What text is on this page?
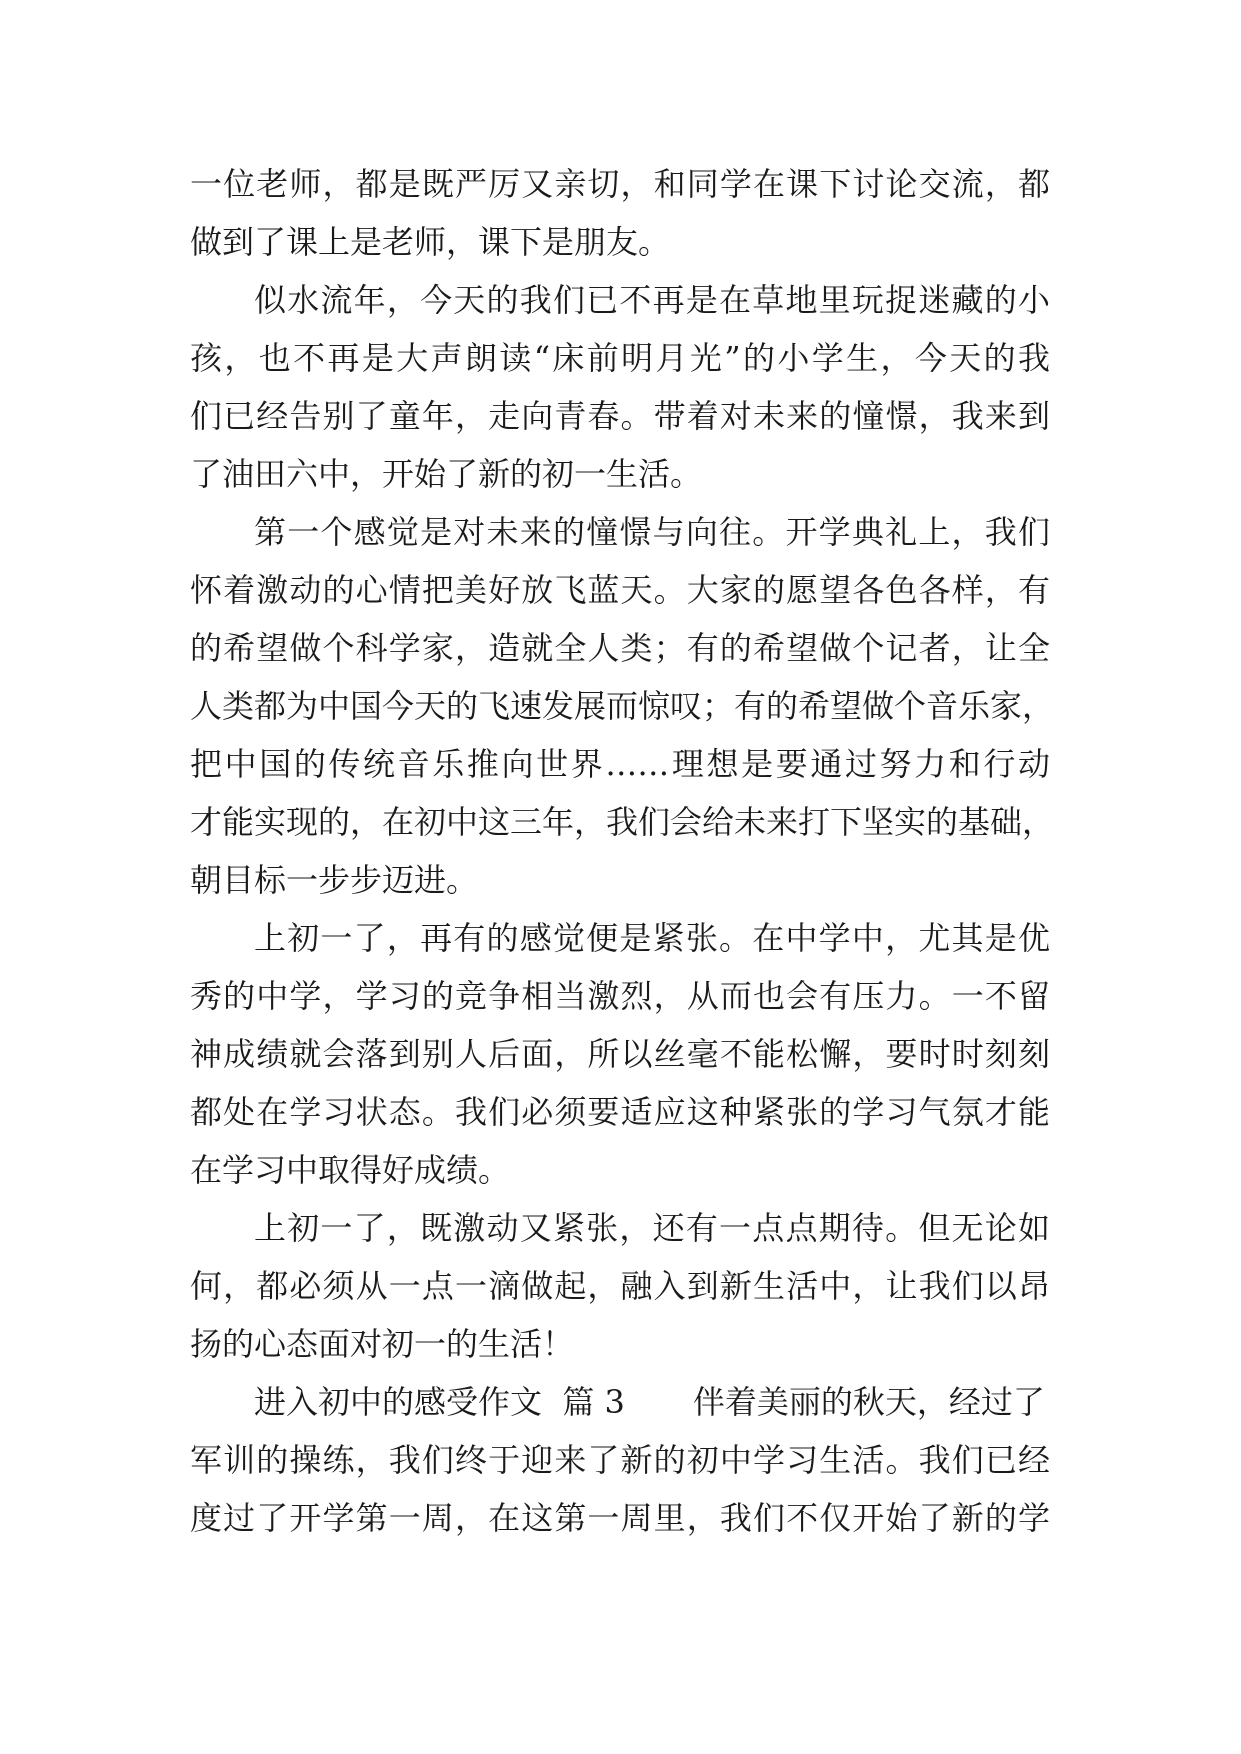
一位老师，都是既严厉又亲切，和同学在课下讨论交流，都
做到了课上是老师，课下是朋友。
似水流年，今天的我们已不再是在草地里玩捉迷藏的小
孩，也不再是大声朗读“床前明月光”的小学生，今天的我
们已经告别了童年，走向青春。带着对未来的憧憬，我来到
了油田六中，开始了新的初一生活。
第一个感觉是对未来的憧憬与向往。开学典礼上，我们
怀着激动的心情把美好放飞蓝天。大家的愿望各色各样，有
的希望做个科学家，造就全人类；有的希望做个记者，让全
人类都为中国今天的飞速发展而惊叹；有的希望做个音乐家，
把中国的传统音乐推向世界……理想是要通过努力和行动
才能实现的，在初中这三年，我们会给未来打下坚实的基础，
朝目标一步步迈进。
上初一了，再有的感觉便是紧张。在中学中，尤其是优
秀的中学，学习的竞争相当激烈，从而也会有压力。一不留
神成绩就会落到别人后面，所以丝毫不能松懈，要时时刻刻
都处在学习状态。我们必须要适应这种紧张的学习气氛才能
在学习中取得好成绩。
上初一了，既激动又紧张，还有一点点期待。但无论如
何，都必须从一点一滴做起，融入到新生活中，让我们以昂
扬的心态面对初一的生活！
进入初中的感受作文  篇 3 伴着美丽的秋天，经过了
军训的操练，我们终于迎来了新的初中学习生活。我们已经
度过了开学第一周，在这第一周里，我们不仅开始了新的学
